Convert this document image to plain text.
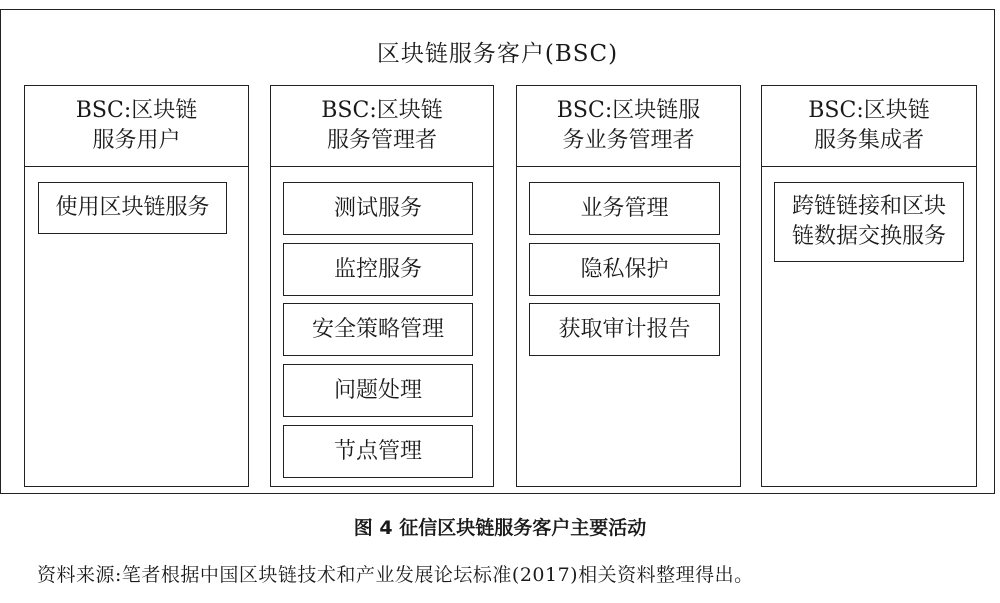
区块链服务客户(BSC)
BSC:区块链
服务用户
使用区块链服务
BSC:区块链
服务管理者
测试服务
监控服务
安全策略管理
问题处理
节点管理
BSC:区块链服
务业务管理者
业务管理
隐私保护
获取审计报告
BSC:区块链
服务集成者
跨链链接和区块
链数据交换服务
图 4 征信区块链服务客户主要活动
资料来源:笔者根据中国区块链技术和产业发展论坛标准(2017)相关资料整理得出。
